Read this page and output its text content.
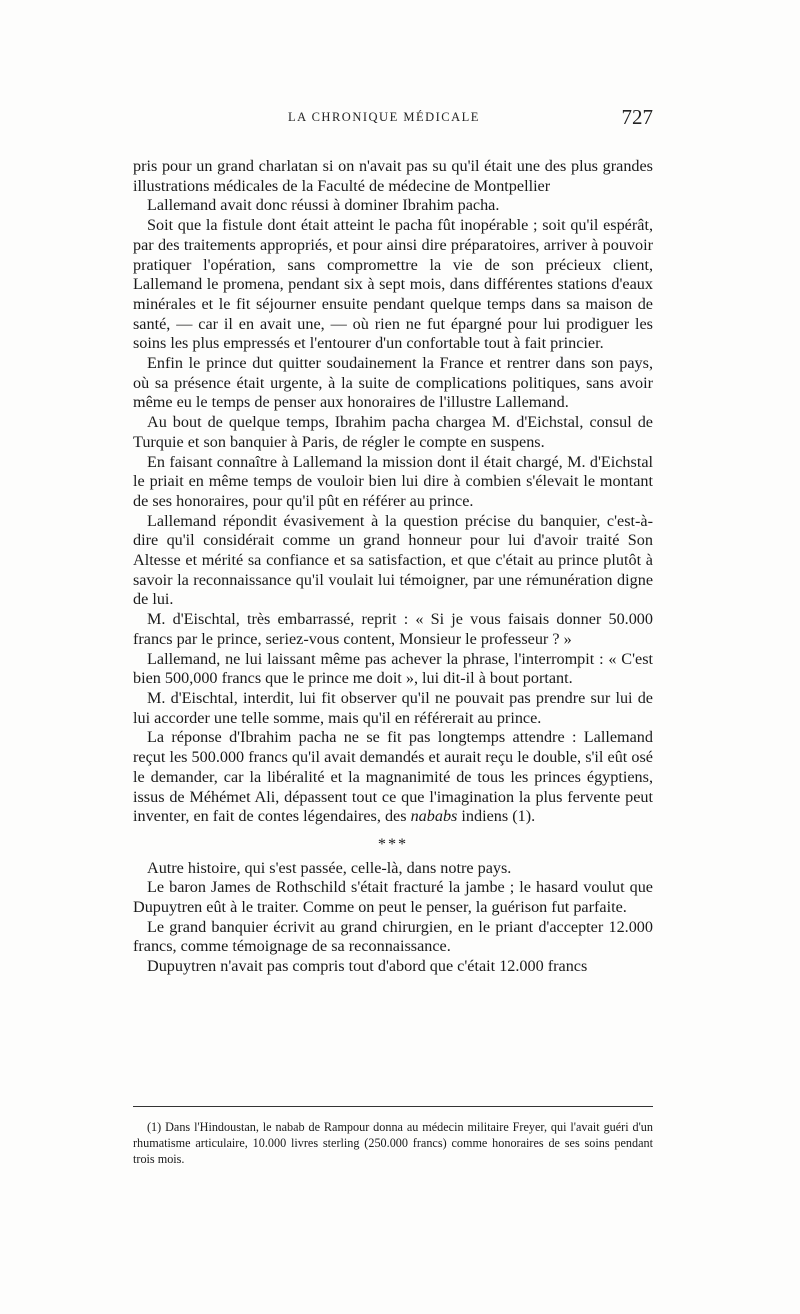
LA CHRONIQUE MÉDICALE	727

pris pour un grand charlatan si on n'avait pas su qu'il était une des plus grandes illustrations médicales de la Faculté de médecine de Montpellier

Lallemand avait donc réussi à dominer Ibrahim pacha.

Soit que la fistule dont était atteint le pacha fût inopérable ; soit qu'il espérât, par des traitements appropriés, et pour ainsi dire préparatoires, arriver à pouvoir pratiquer l'opération, sans compromettre la vie de son précieux client, Lallemand le promena, pendant six à sept mois, dans différentes stations d'eaux minérales et le fit séjourner ensuite pendant quelque temps dans sa maison de santé, — car il en avait une, — où rien ne fut épargné pour lui prodiguer les soins les plus empressés et l'entourer d'un confortable tout à fait princier.

Enfin le prince dut quitter soudainement la France et rentrer dans son pays, où sa présence était urgente, à la suite de complications politiques, sans avoir même eu le temps de penser aux honoraires de l'illustre Lallemand.

Au bout de quelque temps, Ibrahim pacha chargea M. d'Eichstal, consul de Turquie et son banquier à Paris, de régler le compte en suspens.

En faisant connaître à Lallemand la mission dont il était chargé, M. d'Eichstal le priait en même temps de vouloir bien lui dire à combien s'élevait le montant de ses honoraires, pour qu'il pût en référer au prince.

Lallemand répondit évasivement à la question précise du banquier, c'est-à-dire qu'il considérait comme un grand honneur pour lui d'avoir traité Son Altesse et mérité sa confiance et sa satisfaction, et que c'était au prince plutôt à savoir la reconnaissance qu'il voulait lui témoigner, par une rémunération digne de lui.

M. d'Eischtal, très embarrassé, reprit : « Si je vous faisais donner 50.000 francs par le prince, seriez-vous content, Monsieur le professeur ? »

Lallemand, ne lui laissant même pas achever la phrase, l'interrompit : « C'est bien 500,000 francs que le prince me doit », lui dit-il à bout portant.

M. d'Eischtal, interdit, lui fit observer qu'il ne pouvait pas prendre sur lui de lui accorder une telle somme, mais qu'il en référerait au prince.

La réponse d'Ibrahim pacha ne se fit pas longtemps attendre : Lallemand reçut les 500.000 francs qu'il avait demandés et aurait reçu le double, s'il eût osé le demander, car la libéralité et la magnanimité de tous les princes égyptiens, issus de Méhémet Ali, dépassent tout ce que l'imagination la plus fervente peut inventer, en fait de contes légendaires, des nababs indiens (1).

***

Autre histoire, qui s'est passée, celle-là, dans notre pays.

Le baron James de Rothschild s'était fracturé la jambe ; le hasard voulut que Dupuytren eût à le traiter. Comme on peut le penser, la guérison fut parfaite.

Le grand banquier écrivit au grand chirurgien, en le priant d'accepter 12.000 francs, comme témoignage de sa reconnaissance.

Dupuytren n'avait pas compris tout d'abord que c'était 12.000 francs

(1) Dans l'Hindoustan, le nabab de Rampour donna au médecin militaire Freyer, qui l'avait guéri d'un rhumatisme articulaire, 10.000 livres sterling (250.000 francs) comme honoraires de ses soins pendant trois mois.
